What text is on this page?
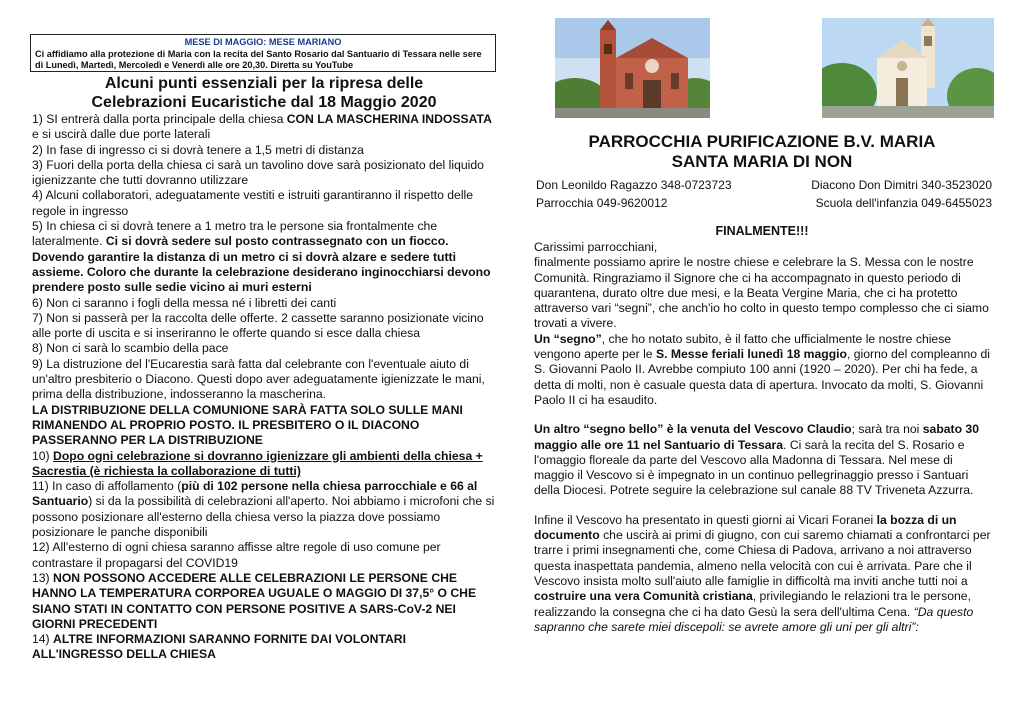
MESE DI MAGGIO: MESE MARIANO
Ci affidiamo alla protezione di Maria con la recita del Santo Rosario dal Santuario di Tessara nelle sere di Lunedì, Martedì, Mercoledì e Venerdì alle ore 20,30. Diretta su YouTube
Alcuni punti essenziali per la ripresa delle
Celebrazioni Eucaristiche dal 18 Maggio 2020

1) SI entrerà dalla porta principale della chiesa CON LA MASCHERINA INDOSSATA e si uscirà dalle due porte laterali

2) In fase di ingresso ci si dovrà tenere a 1,5 metri di distanza

3) Fuori della porta della chiesa ci sarà un tavolino dove sarà posizionato del liquido igienizzante che tutti dovranno utilizzare

4) Alcuni collaboratori, adeguatamente vestiti e istruiti garantiranno il rispetto delle regole in ingresso

5) In chiesa ci si dovrà tenere a 1 metro tra le persone sia frontalmente che lateralmente. Ci si dovrà sedere sul posto contrassegnato con un fiocco. Dovendo garantire la distanza di un metro ci si dovrà alzare e sedere tutti assieme. Coloro che durante la celebrazione desiderano inginocchiarsi devono prendere posto sulle sedie vicino ai muri esterni

6) Non ci saranno i fogli della messa né i libretti dei canti

7) Non si passerà per la raccolta delle offerte. 2 cassette saranno posizionate vicino alle porte di uscita e si inseriranno le offerte quando si esce dalla chiesa

8) Non ci sarà lo scambio della pace

9) La distruzione del l'Eucarestia sarà fatta dal celebrante con l'eventuale aiuto di un'altro presbiterio o Diacono. Questi dopo aver adeguatamente igienizzate le mani, prima della distribuzione, indosseranno la mascherina.

LA DISTRIBUZIONE DELLA COMUNIONE SARÀ FATTA SOLO SULLE MANI RIMANENDO AL PROPRIO POSTO. IL PRESBITERO O IL DIACONO PASSERANNO PER LA DISTRIBUZIONE

10) Dopo ogni celebrazione si dovranno igienizzare gli ambienti della chiesa + Sacrestia (è richiesta la collaborazione di tutti)

11) In caso di affollamento (più di 102 persone nella chiesa parrocchiale e 66 al Santuario) si da la possibilità di celebrazioni all'aperto. Noi abbiamo i microfoni che si possono posizionare all'esterno della chiesa verso la piazza dove possiamo posizionare le panche disponibili

12) All'esterno di ogni chiesa saranno affisse altre regole di uso comune per contrastare il propagarsi del COVID19

13) NON POSSONO ACCEDERE ALLE CELEBRAZIONI LE PERSONE CHE HANNO LA TEMPERATURA CORPOREA UGUALE O MAGGIO DI 37,5° O CHE SIANO STATI IN CONTATTO CON PERSONE POSITIVE A SARS-CoV-2 NEI GIORNI PRECEDENTI

14) ALTRE INFORMAZIONI SARANNO FORNITE DAI VOLONTARI ALL'INGRESSO DELLA CHIESA

PARROCCHIA PURIFICAZIONE B.V. MARIA
SANTA MARIA DI NON
Don Leonildo Ragazzo 348-0723723	Diacono Don Dimitri 340-3523020
Parrocchia 049-9620012	Scuola dell'infanzia 049-6455023
FINALMENTE!!!

Carissimi parrocchiani,

finalmente possiamo aprire le nostre chiese e celebrare la S. Messa con le nostre Comunità. Ringraziamo il Signore che ci ha accompagnato in questo periodo di quarantena, durato oltre due mesi, e la Beata Vergine Maria, che ci ha protetto attraverso vari “segni”, che anch'io ho colto in questo tempo complesso che ci siamo trovati a vivere.

Un “segno”, che ho notato subito, è il fatto che ufficialmente le nostre chiese vengono aperte per le S. Messe feriali lunedì 18 maggio, giorno del compleanno di S. Giovanni Paolo II. Avrebbe compiuto 100 anni (1920 – 2020). Per chi ha fede, a detta di molti, non è casuale questa data di apertura. Invocato da molti, S. Giovanni Paolo II ci ha esaudito.

Un altro “segno bello” è la venuta del Vescovo Claudio; sarà tra noi sabato 30 maggio alle ore 11 nel Santuario di Tessara. Ci sarà la recita del S. Rosario e l'omaggio floreale da parte del Vescovo alla Madonna di Tessara. Nel mese di maggio il Vescovo si è impegnato in un continuo pellegrinaggio presso i Santuari della Diocesi. Potrete seguire la celebrazione sul canale 88 TV Triveneta Azzurra.

Infine il Vescovo ha presentato in questi giorni ai Vicari Foranei la bozza di un documento che uscirà ai primi di giugno, con cui saremo chiamati a confrontarci per trarre i primi insegnamenti che, come Chiesa di Padova, arrivano a noi attraverso questa inaspettata pandemia, almeno nella velocità con cui è arrivata. Pare che il Vescovo insista molto sull'aiuto alle famiglie in difficoltà ma inviti anche tutti noi a costruire una vera Comunità cristiana, privilegiando le relazioni tra le persone, realizzando la consegna che ci ha dato Gesù la sera dell'ultima Cena. “Da questo sapranno che sarete miei discepoli: se avrete amore gli uni per gli altri”:
